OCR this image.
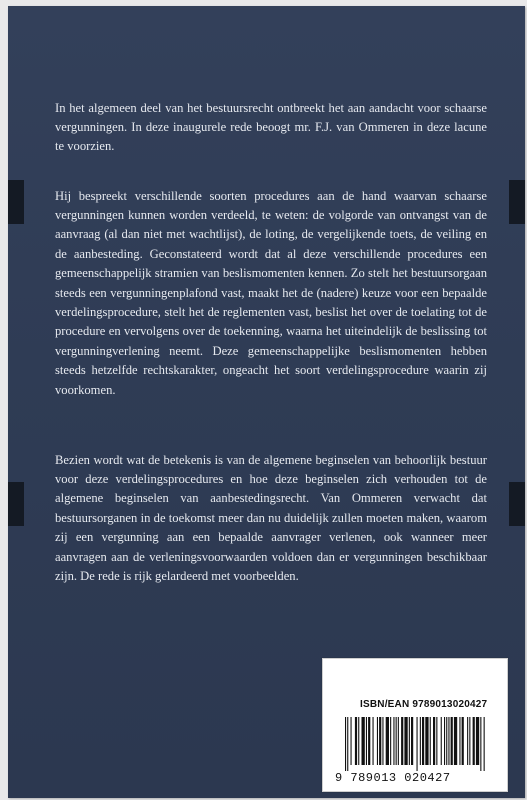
In het algemeen deel van het bestuursrecht ontbreekt het aan aandacht voor schaarse vergunningen. In deze inaugurele rede beoogt mr. F.J. van Ommeren in deze lacune te voorzien.

Hij bespreekt verschillende soorten procedures aan de hand waarvan schaarse vergunningen kunnen worden verdeeld, te weten: de volgorde van ontvangst van de aanvraag (al dan niet met wachtlijst), de loting, de vergelijkende toets, de veiling en de aanbesteding. Geconstateerd wordt dat al deze verschillende procedures een gemeenschappelijk stramien van beslismomenten kennen. Zo stelt het bestuursorgaan steeds een vergunningenplafond vast, maakt het de (nadere) keuze voor een bepaalde verdelingsprocedure, stelt het de reglementen vast, beslist het over de toelating tot de procedure en vervolgens over de toekenning, waarna het uiteindelijk de beslissing tot vergunningverlening neemt. Deze gemeenschappelijke beslismomenten hebben steeds hetzelfde rechtskarakter, ongeacht het soort verdelingsprocedure waarin zij voorkomen.

Bezien wordt wat de betekenis is van de algemene beginselen van behoorlijk bestuur voor deze verdelingsprocedures en hoe deze beginselen zich verhouden tot de algemene beginselen van aanbestedingsrecht. Van Ommeren verwacht dat bestuursorganen in de toekomst meer dan nu duidelijk zullen moeten maken, waarom zij een vergunning aan een bepaalde aanvrager verlenen, ook wanneer meer aanvragen aan de verleningsvoorwaarden voldoen dan er vergunningen beschikbaar zijn. De rede is rijk gelardeerd met voorbeelden.

ISBN/EAN 9789013020427
9 789013 020427
